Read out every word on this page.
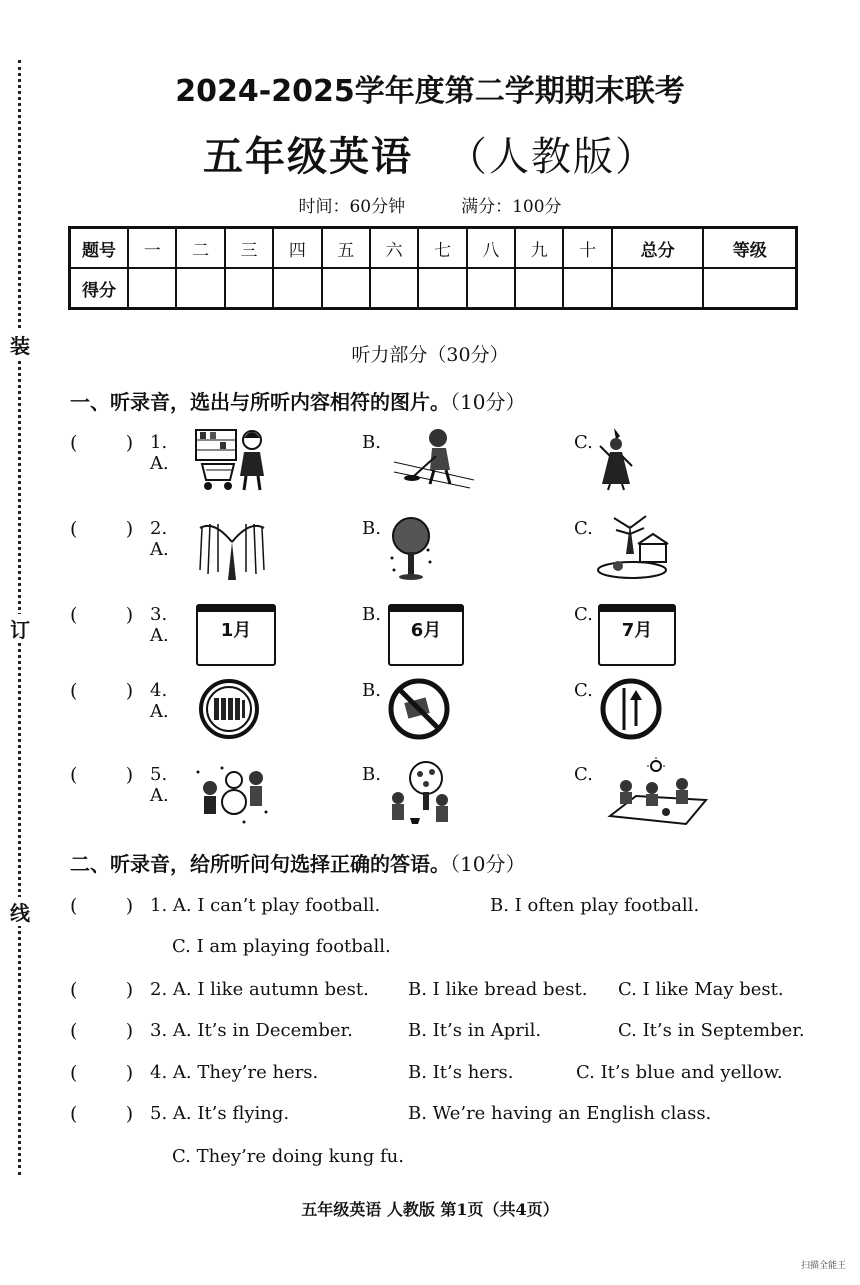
装
订
线
2024-2025学年度第二学期期末联考
五年级英语 （人教版）
时间：60分钟	满分：100分
题号	一	二	三	四	五	六	七	八	九	十	总分	等级
得分												
听力部分（30分）
一、听录音，选出与所听内容相符的图片。（10分）
(        ) 1. A.
B.	C.
(        ) 2. A.
B.	C.
(        ) 3. A.	1月
B.
6月
C.
7月
(        ) 4. A.
B.	C.
(        ) 5. A.
B.	C.
二、听录音，给所听问句选择正确的答语。（10分）
(        ) 1. A. I can’t play football.	B. I often play football.
C. I am playing football.
(        ) 2. A. I like autumn best. B. I like bread best. C. I like May best.
(        ) 3. A. It’s in December.	B. It’s in April.	C. It’s in September.
(        ) 4. A. They’re hers.	B. It’s hers.	C. It’s blue and yellow.
(        ) 5. A. It’s flying.	B. We’re having an English class.
C. They’re doing kung fu.
五年级英语 人教版 第1页（共4页）
扫描全能王
